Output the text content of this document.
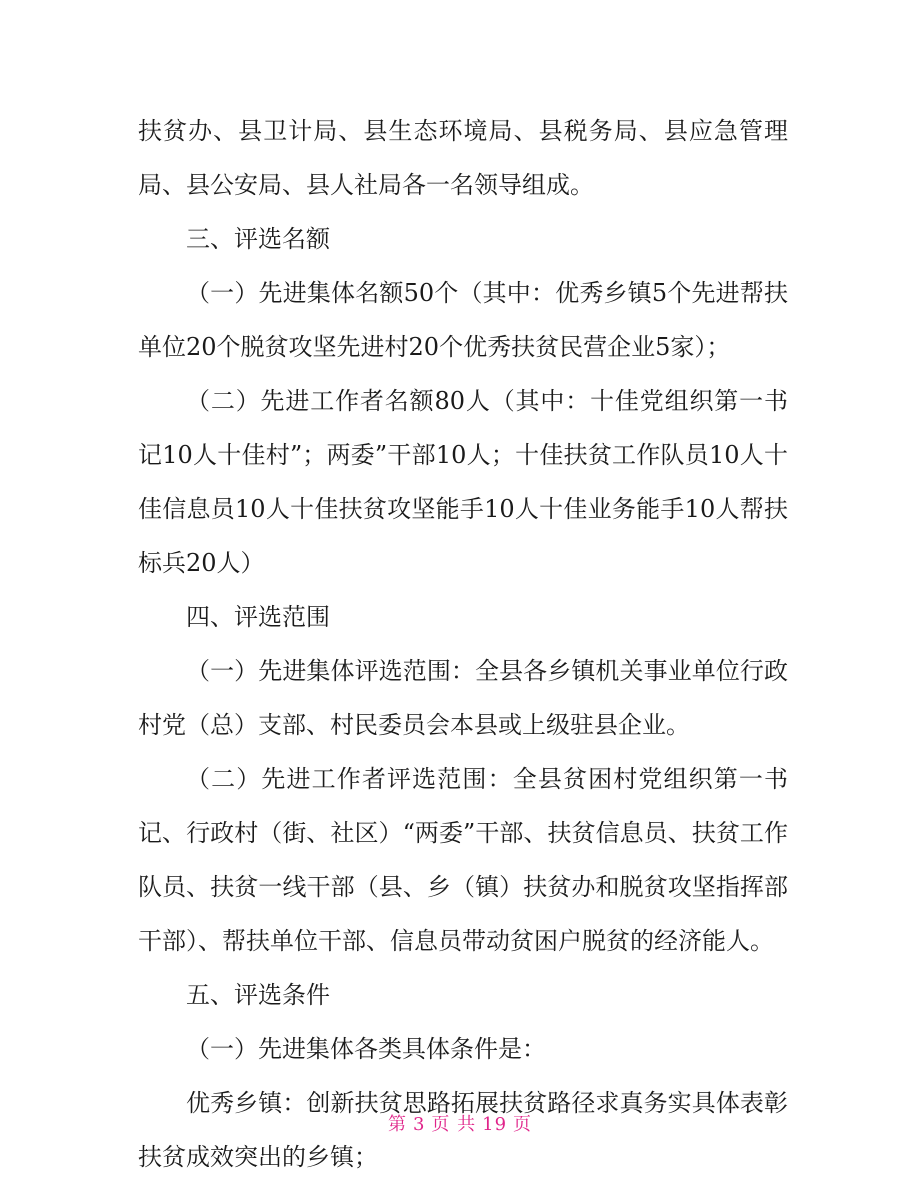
扶贫办、县卫计局、县生态环境局、县税务局、县应急管理局、县公安局、县人社局各一名领导组成。

三、评选名额

（一）先进集体名额50个（其中：优秀乡镇5个先进帮扶单位20个脱贫攻坚先进村20个优秀扶贫民营企业5家）；

（二）先进工作者名额80人（其中：十佳党组织第一书记10人十佳村”；两委”干部10人；十佳扶贫工作队员10人十佳信息员10人十佳扶贫攻坚能手10人十佳业务能手10人帮扶标兵20人）

四、评选范围

（一）先进集体评选范围：全县各乡镇机关事业单位行政村党（总）支部、村民委员会本县或上级驻县企业。

（二）先进工作者评选范围：全县贫困村党组织第一书记、行政村（街、社区）“两委”干部、扶贫信息员、扶贫工作队员、扶贫一线干部（县、乡（镇）扶贫办和脱贫攻坚指挥部干部）、帮扶单位干部、信息员带动贫困户脱贫的经济能人。

五、评选条件

（一）先进集体各类具体条件是：

优秀乡镇：创新扶贫思路拓展扶贫路径求真务实具体表彰扶贫成效突出的乡镇；

第 3 页 共 19 页
